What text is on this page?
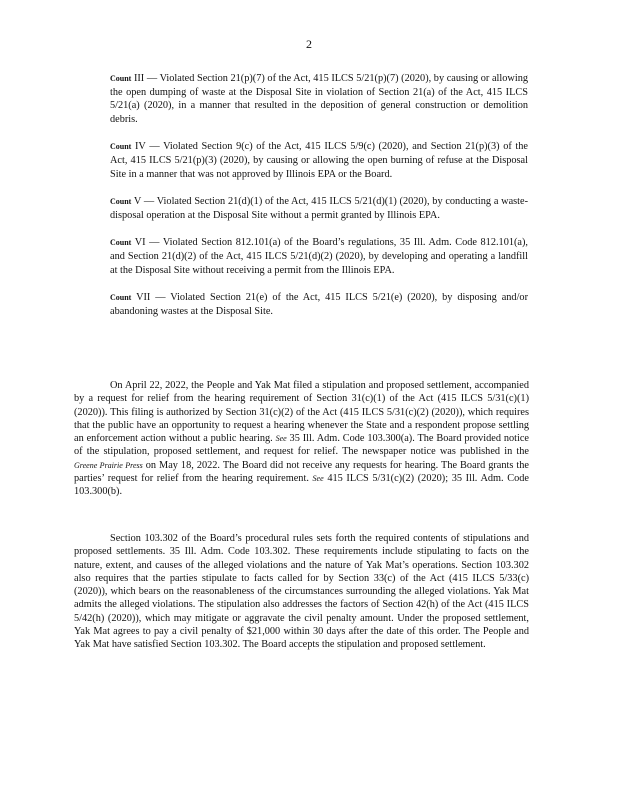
2

Count III — Violated Section 21(p)(7) of the Act, 415 ILCS 5/21(p)(7) (2020), by causing or allowing the open dumping of waste at the Disposal Site in violation of Section 21(a) of the Act, 415 ILCS 5/21(a) (2020), in a manner that resulted in the deposition of general construction or demolition debris.

Count IV — Violated Section 9(c) of the Act, 415 ILCS 5/9(c) (2020), and Section 21(p)(3) of the Act, 415 ILCS 5/21(p)(3) (2020), by causing or allowing the open burning of refuse at the Disposal Site in a manner that was not approved by Illinois EPA or the Board.

Count V — Violated Section 21(d)(1) of the Act, 415 ILCS 5/21(d)(1) (2020), by conducting a waste-disposal operation at the Disposal Site without a permit granted by Illinois EPA.

Count VI — Violated Section 812.101(a) of the Board’s regulations, 35 Ill. Adm. Code 812.101(a), and Section 21(d)(2) of the Act, 415 ILCS 5/21(d)(2) (2020), by developing and operating a landfill at the Disposal Site without receiving a permit from the Illinois EPA.

Count VII — Violated Section 21(e) of the Act, 415 ILCS 5/21(e) (2020), by disposing and/or abandoning wastes at the Disposal Site.

On April 22, 2022, the People and Yak Mat filed a stipulation and proposed settlement, accompanied by a request for relief from the hearing requirement of Section 31(c)(1) of the Act (415 ILCS 5/31(c)(1) (2020)). This filing is authorized by Section 31(c)(2) of the Act (415 ILCS 5/31(c)(2) (2020)), which requires that the public have an opportunity to request a hearing whenever the State and a respondent propose settling an enforcement action without a public hearing. See 35 Ill. Adm. Code 103.300(a). The Board provided notice of the stipulation, proposed settlement, and request for relief. The newspaper notice was published in the Greene Prairie Press on May 18, 2022. The Board did not receive any requests for hearing. The Board grants the parties’ request for relief from the hearing requirement. See 415 ILCS 5/31(c)(2) (2020); 35 Ill. Adm. Code 103.300(b).

Section 103.302 of the Board’s procedural rules sets forth the required contents of stipulations and proposed settlements. 35 Ill. Adm. Code 103.302. These requirements include stipulating to facts on the nature, extent, and causes of the alleged violations and the nature of Yak Mat’s operations. Section 103.302 also requires that the parties stipulate to facts called for by Section 33(c) of the Act (415 ILCS 5/33(c) (2020)), which bears on the reasonableness of the circumstances surrounding the alleged violations. Yak Mat admits the alleged violations. The stipulation also addresses the factors of Section 42(h) of the Act (415 ILCS 5/42(h) (2020)), which may mitigate or aggravate the civil penalty amount. Under the proposed settlement, Yak Mat agrees to pay a civil penalty of $21,000 within 30 days after the date of this order. The People and Yak Mat have satisfied Section 103.302. The Board accepts the stipulation and proposed settlement.
